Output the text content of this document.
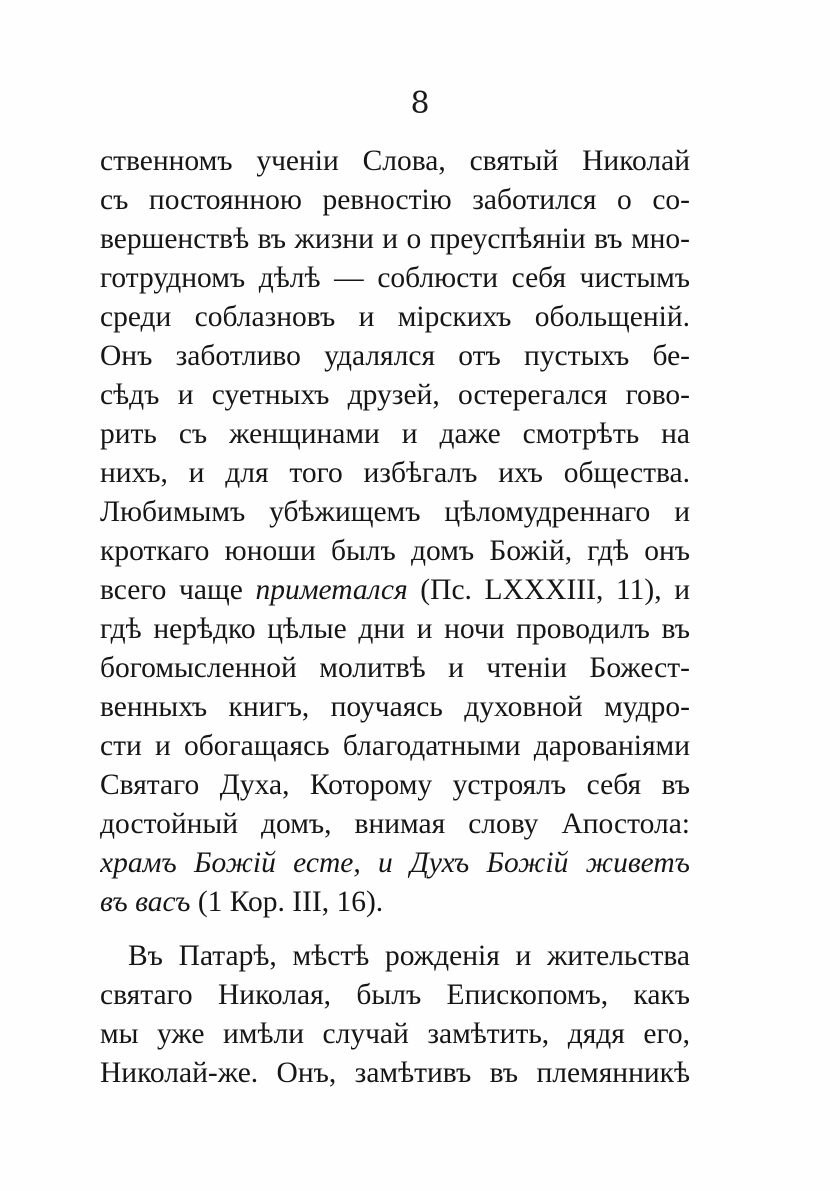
8
ственномъ ученіи Слова, святый Николай
съ постоянною ревностію заботился о со-
вершенствѣ въ жизни и о преуспѣяніи въ мно-
готрудномъ дѣлѣ — соблюсти себя чистымъ
среди соблазновъ и мірскихъ обольщеній.
Онъ заботливо удалялся отъ пустыхъ бе-
сѣдъ и суетныхъ друзей, остерегался гово-
рить съ женщинами и даже смотрѣть на
нихъ, и для того избѣгалъ ихъ общества.
Любимымъ убѣжищемъ цѣломудреннаго и
кроткаго юноши былъ домъ Божій, гдѣ онъ
всего чаще приметался (Пс. LXXXIII, 11), и
гдѣ нерѣдко цѣлые дни и ночи проводилъ въ
богомысленной молитвѣ и чтеніи Божест-
венныхъ книгъ, поучаясь духовной мудро-
сти и обогащаясь благодатными дарованіями
Святаго Духа, Которому устроялъ себя въ
достойный домъ, внимая слову Апостола:
храмъ Божій есте, и Духъ Божій живетъ
въ васъ (1 Кор. III, 16).
Въ Патарѣ, мѣстѣ рожденія и жительства
святаго Николая, былъ Епископомъ, какъ
мы уже имѣли случай замѣтить, дядя его,
Николай-же. Онъ, замѣтивъ въ племянникѣ
